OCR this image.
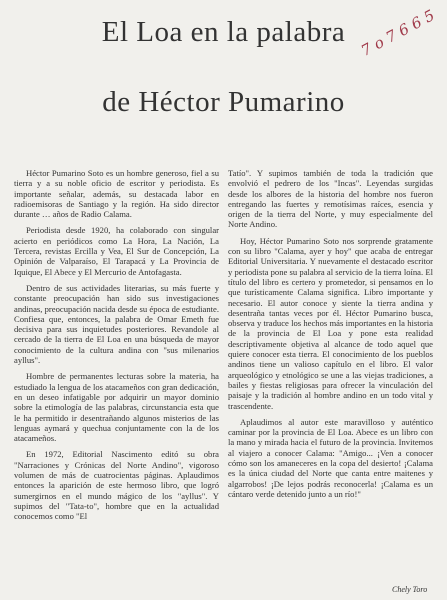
El Loa en la palabra
de Héctor Pumarino
7 o 7 6 6 5

Héctor Pumarino Soto es un hombre generoso, fiel a su tierra y a su noble oficio de escritor y periodista. Es importante señalar, además, su destacada labor en radioemisoras de Santiago y la región. Ha sido director durante … años de Radio Calama.

Periodista desde 1920, ha colaborado con singular acierto en periódicos como La Hora, La Nación, La Tercera, revistas Ercilla y Vea, El Sur de Concepción, La Opinión de Valparaíso, El Tarapacá y La Provincia de Iquique, El Abece y El Mercurio de Antofagasta.

Dentro de sus actividades literarias, su más fuerte y constante preocupación han sido sus investigaciones andinas, preocupación nacida desde su época de estudiante. Confiesa que, entonces, la palabra de Omar Emeth fue decisiva para sus inquietudes posteriores. Revandole al cercado de la tierra de El Loa en una búsqueda de mayor conocimiento de la cultura andina con "sus milenarios ayllus".

Hombre de permanentes lecturas sobre la materia, ha estudiado la lengua de los atacameños con gran dedicación, en un deseo infatigable por adquirir un mayor dominio sobre la etimología de las palabras, circunstancia esta que le ha permitido ir desentrañando algunos misterios de las lenguas aymará y quechua conjuntamente con la de los atacameños.

En 1972, Editorial Nascimento editó su obra "Narraciones y Crónicas del Norte Andino", vigoroso volumen de más de cuatrocientas páginas. Aplaudimos entonces la aparición de este hermoso libro, que logró sumergirnos en el mundo mágico de los "ayllus". Y supimos del "Tata-to", hombre que en la actualidad conocemos como "El

Tatío". Y supimos también de toda la tradición que envolvió el pedrero de los "Incas". Leyendas surgidas desde los albores de la historia del hombre nos fueron entregando las fuertes y remotísimas raíces, esencia y origen de la tierra del Norte, y muy especialmente del Norte Andino.

Hoy, Héctor Pumarino Soto nos sorprende gratamente con su libro "Calama, ayer y hoy" que acaba de entregar Editorial Universitaria. Y nuevamente el destacado escritor y periodista pone su palabra al servicio de la tierra loína. El título del libro es certero y prometedor, si pensamos en lo que turísticamente Calama significa. Libro importante y necesario. El autor conoce y siente la tierra andina y desentraña tantas veces por él. Héctor Pumarino busca, observa y traduce los hechos más importantes en la historia de la provincia de El Loa y pone esta realidad descriptivamente objetiva al alcance de todo aquel que quiere conocer esta tierra. El conocimiento de los pueblos andinos tiene un valioso capítulo en el libro. El valor arqueológico y etnológico se une a las viejas tradiciones, a bailes y fiestas religiosas para ofrecer la vinculación del paisaje y la tradición al hombre andino en un todo vital y trascendente.

Aplaudimos al autor este maravilloso y auténtico caminar por la provincia de El Loa. Abece es un libro con la mano y mirada hacia el futuro de la provincia. Invitemos al viajero a conocer Calama: "Amigo... ¡Ven a conocer cómo son los amaneceres en la copa del desierto! ¡Calama es la única ciudad del Norte que canta entre maitenes y algarrobos! ¡De lejos podrás reconocerla! ¡Calama es un cántaro verde detenido junto a un río!"

Chely Toro
